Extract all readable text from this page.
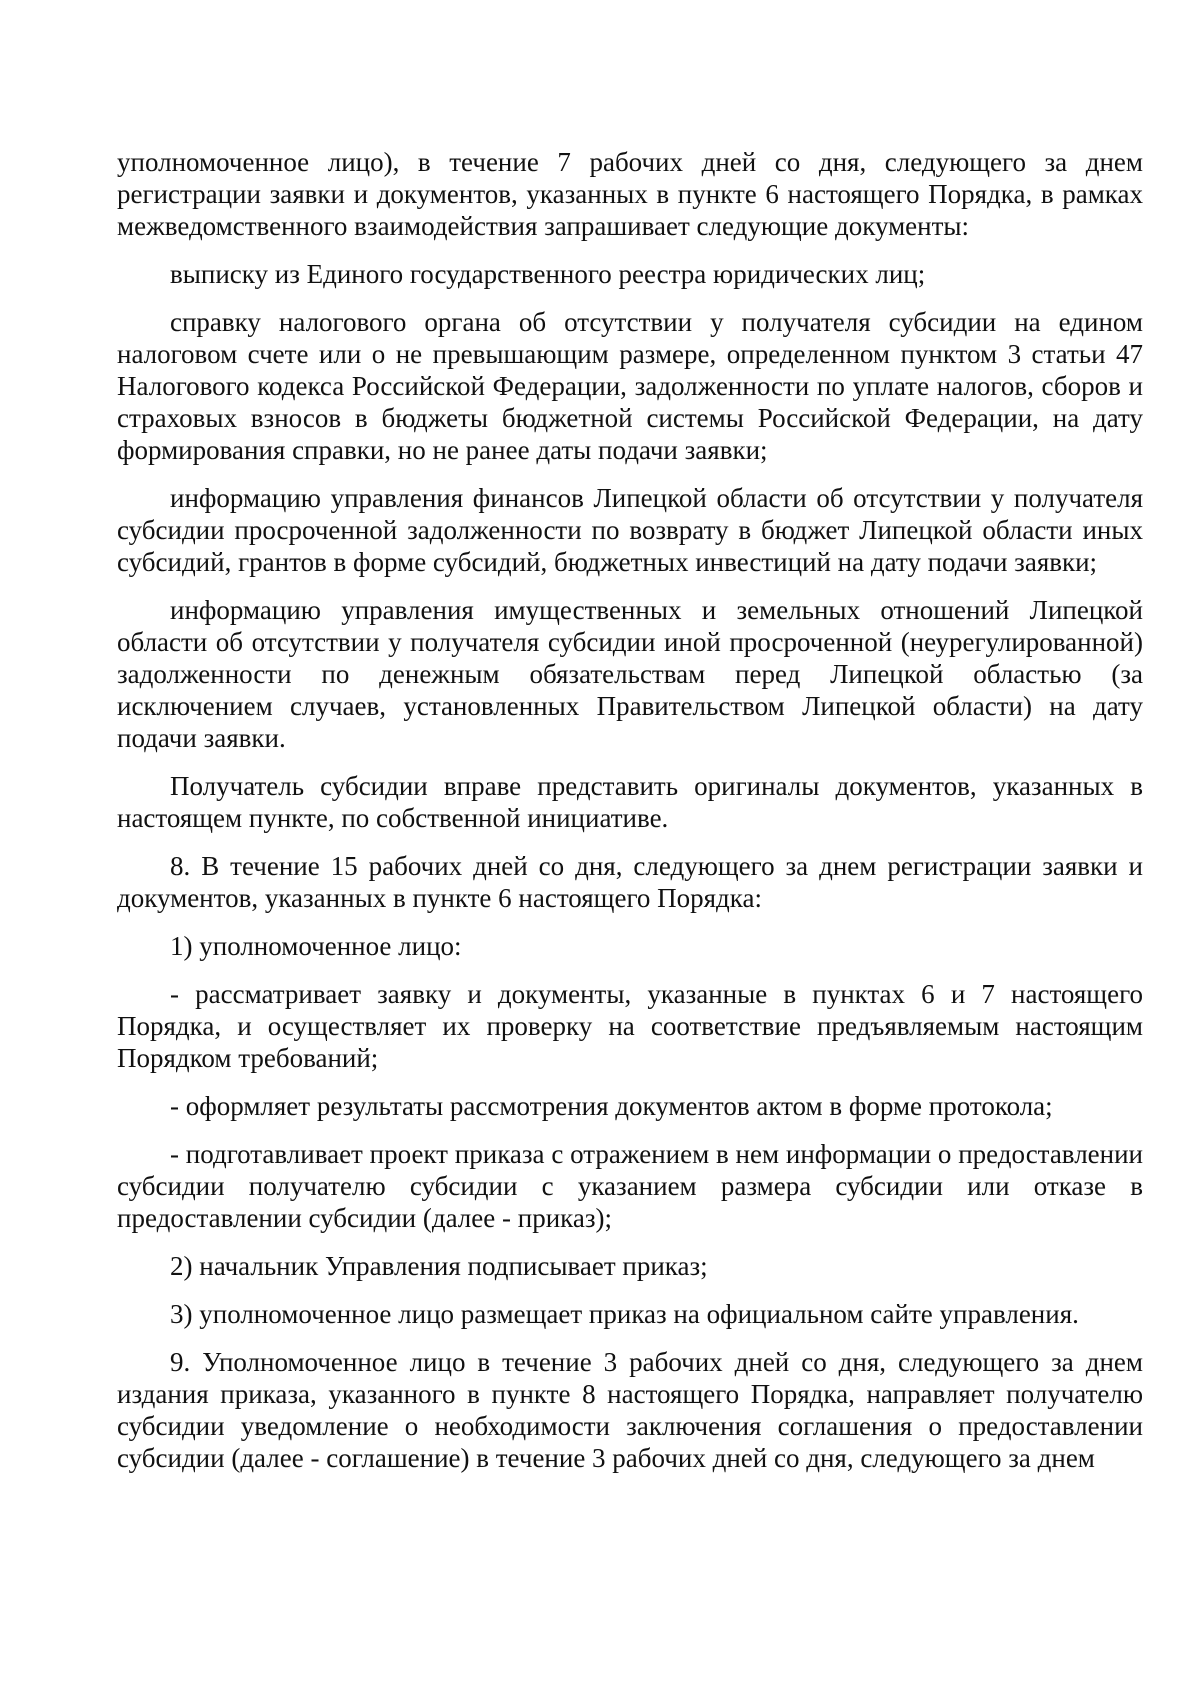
уполномоченное лицо), в течение 7 рабочих дней со дня, следующего за днем регистрации заявки и документов, указанных в пункте 6 настоящего Порядка, в рамках межведомственного взаимодействия запрашивает следующие документы:

выписку из Единого государственного реестра юридических лиц;

справку налогового органа об отсутствии у получателя субсидии на едином налоговом счете или о не превышающим размере, определенном пунктом 3 статьи 47 Налогового кодекса Российской Федерации, задолженности по уплате налогов, сборов и страховых взносов в бюджеты бюджетной системы Российской Федерации, на дату формирования справки, но не ранее даты подачи заявки;

информацию управления финансов Липецкой области об отсутствии у получателя субсидии просроченной задолженности по возврату в бюджет Липецкой области иных субсидий, грантов в форме субсидий, бюджетных инвестиций на дату подачи заявки;

информацию управления имущественных и земельных отношений Липецкой области об отсутствии у получателя субсидии иной просроченной (неурегулированной) задолженности по денежным обязательствам перед Липецкой областью (за исключением случаев, установленных Правительством Липецкой области) на дату подачи заявки.

Получатель субсидии вправе представить оригиналы документов, указанных в настоящем пункте, по собственной инициативе.

8. В течение 15 рабочих дней со дня, следующего за днем регистрации заявки и документов, указанных в пункте 6 настоящего Порядка:

1) уполномоченное лицо:

- рассматривает заявку и документы, указанные в пунктах 6 и 7 настоящего Порядка, и осуществляет их проверку на соответствие предъявляемым настоящим Порядком требований;

- оформляет результаты рассмотрения документов актом в форме протокола;

- подготавливает проект приказа с отражением в нем информации о предоставлении субсидии получателю субсидии с указанием размера субсидии или отказе в предоставлении субсидии (далее - приказ);

2) начальник Управления подписывает приказ;

3) уполномоченное лицо размещает приказ на официальном сайте управления.

9. Уполномоченное лицо в течение 3 рабочих дней со дня, следующего за днем издания приказа, указанного в пункте 8 настоящего Порядка, направляет получателю субсидии уведомление о необходимости заключения соглашения о предоставлении субсидии (далее - соглашение) в течение 3 рабочих дней со дня, следующего за днем
